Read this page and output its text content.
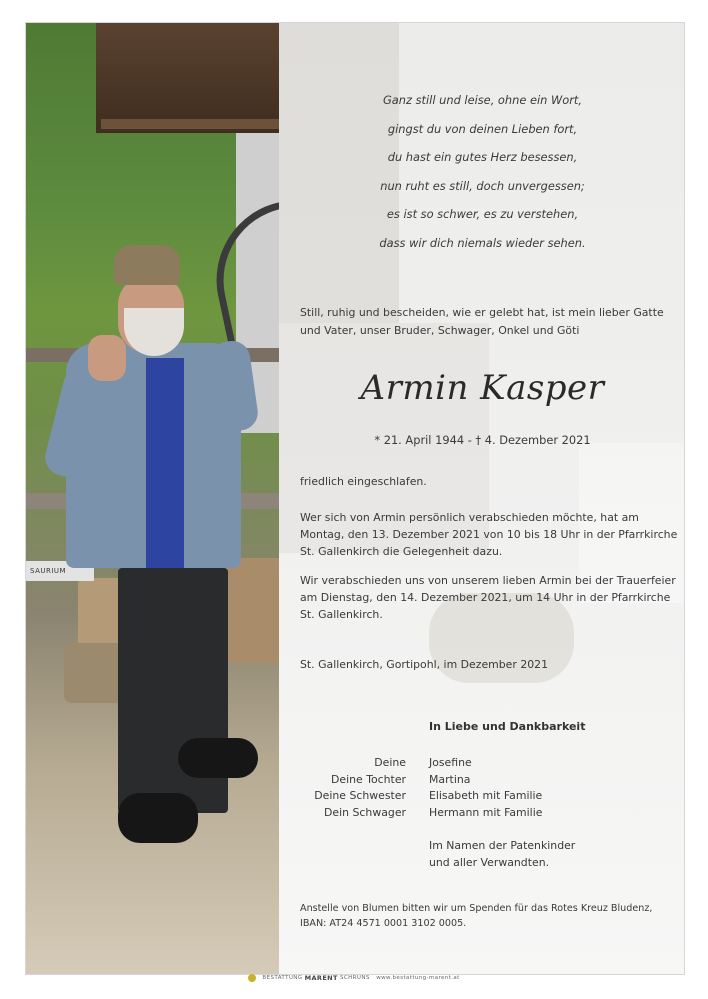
SAURIUM
Ganz still und leise, ohne ein Wort,
gingst du von deinen Lieben fort,
du hast ein gutes Herz besessen,
nun ruht es still, doch unvergessen;
es ist so schwer, es zu verstehen,
dass wir dich niemals wieder sehen.
Still, ruhig und bescheiden, wie er gelebt hat, ist mein lieber Gatte und Vater, unser Bruder, Schwager, Onkel und Göti
Armin Kasper
* 21. April 1944 - † 4. Dezember 2021
friedlich eingeschlafen.
Wer sich von Armin persönlich verabschieden möchte, hat am Montag, den 13. Dezember 2021 von 10 bis 18 Uhr in der Pfarrkirche St. Gallenkirch die Gelegenheit dazu.
Wir verabschieden uns von unserem lieben Armin bei der Trauerfeier am Dienstag, den 14. Dezember 2021, um 14 Uhr in der Pfarrkirche St. Gallenkirch.
St. Gallenkirch, Gortipohl, im Dezember 2021
In Liebe und Dankbarkeit
Deine
Deine Tochter
Deine Schwester
Dein Schwager
Josefine
Martina
Elisabeth mit Familie
Hermann mit Familie
Im Namen der Patenkinder
und aller Verwandten.
Anstelle von Blumen bitten wir um Spenden für das Rotes Kreuz Bludenz,
IBAN: AT24 4571 0001 3102 0005.
BESTATTUNG MARENT SCHRUNS www.bestattung-marent.at
